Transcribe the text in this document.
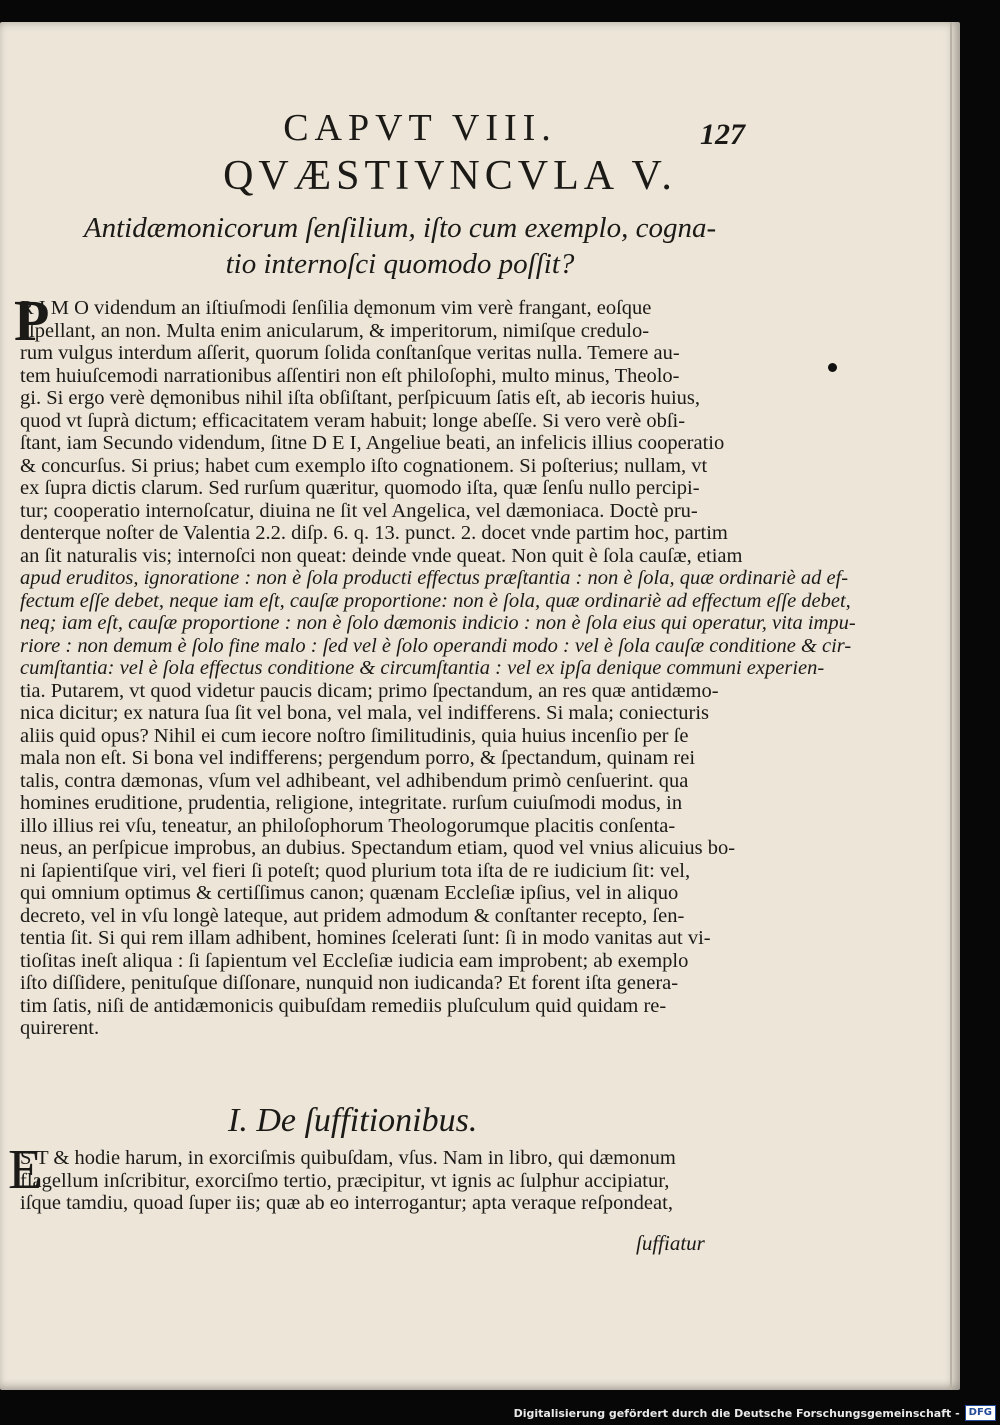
127
CAPVT VIII.
QVÆSTIVNCVLA V.
Antidæmonicorum ſenſilium, iſto cum exemplo, cogna-
tio internoſci quomodo poſſit?
P
R I M O videndum an iſtiuſmodi ſenſilia dęmonum vim verè frangant, eoſque
aſpellant, an non. Multa enim anicularum, & imperitorum, nimiſque credulo-
rum vulgus interdum aſſerit, quorum ſolida conſtanſque veritas nulla. Temere au-
tem huiuſcemodi narrationibus aſſentiri non eſt philoſophi, multo minus, Theolo-
gi. Si ergo verè dęmonibus nihil iſta obſiſtant, perſpicuum ſatis eſt, ab iecoris huius,
quod vt ſuprà dictum; efficacitatem veram habuit; longe abeſſe. Si vero verè obſi-
ſtant, iam Secundo videndum, ſitne D E I, Angeliue beati, an infelicis illius cooperatio
& concurſus. Si prius; habet cum exemplo iſto cognationem. Si poſterius; nullam, vt
ex ſupra dictis clarum. Sed rurſum quæritur, quomodo iſta, quæ ſenſu nullo percipi-
tur; cooperatio internoſcatur, diuina ne ſit vel Angelica, vel dæmoniaca. Doctè pru-
denterque noſter de Valentia 2.2. diſp. 6. q. 13. punct. 2. docet vnde partim hoc, partim
an ſit naturalis vis; internoſci non queat: deinde vnde queat. Non quit è ſola cauſæ, etiam
apud eruditos, ignoratione : non è ſola producti effectus præſtantia : non è ſola, quæ ordinariè ad ef-
fectum eſſe debet, neque iam eſt, cauſæ proportione: non è ſola, quæ ordinariè ad effectum eſſe debet,
neq; iam eſt, cauſæ proportione : non è ſolo dæmonis indicio : non è ſola eius qui operatur, vita impu-
riore : non demum è ſolo fine malo : ſed vel è ſolo operandi modo : vel è ſola cauſæ conditione & cir-
cumſtantia: vel è ſola effectus conditione & circumſtantia : vel ex ipſa denique communi experien-
tia. Putarem, vt quod videtur paucis dicam; primo ſpectandum, an res quæ antidæmo-
nica dicitur; ex natura ſua ſit vel bona, vel mala, vel indifferens. Si mala; coniecturis
aliis quid opus? Nihil ei cum iecore noſtro ſimilitudinis, quia huius incenſio per ſe
mala non eſt. Si bona vel indifferens; pergendum porro, & ſpectandum, quinam rei
talis, contra dæmonas, vſum vel adhibeant, vel adhibendum primò cenſuerint. qua
homines eruditione, prudentia, religione, integritate. rurſum cuiuſmodi modus, in
illo illius rei vſu, teneatur, an philoſophorum Theologorumque placitis conſenta-
neus, an perſpicue improbus, an dubius. Spectandum etiam, quod vel vnius alicuius bo-
ni ſapientiſque viri, vel fieri ſi poteſt; quod plurium tota iſta de re iudicium ſit: vel,
qui omnium optimus & certiſſimus canon; quænam Eccleſiæ ipſius, vel in aliquo
decreto, vel in vſu longè lateque, aut pridem admodum & conſtanter recepto, ſen-
tentia ſit. Si qui rem illam adhibent, homines ſcelerati ſunt: ſi in modo vanitas aut vi-
tioſitas ineſt aliqua : ſi ſapientum vel Eccleſiæ iudicia eam improbent; ab exemplo
iſto diſſidere, penituſque diſſonare, nunquid non iudicanda? Et forent iſta genera-
tim ſatis, niſi de antidæmonicis quibuſdam remediis pluſculum quid quidam re-
quirerent.
I. De ſuffitionibus.
E
S T & hodie harum, in exorciſmis quibuſdam, vſus. Nam in libro, qui dæmonum
flagellum inſcribitur, exorciſmo tertio, præcipitur, vt ignis ac ſulphur accipiatur,
iſque tamdiu, quoad ſuper iis; quæ ab eo interrogantur; apta veraque reſpondeat,
ſuffiatur
Digitalisierung gefördert durch die Deutsche Forschungsgemeinschaft - DFG
